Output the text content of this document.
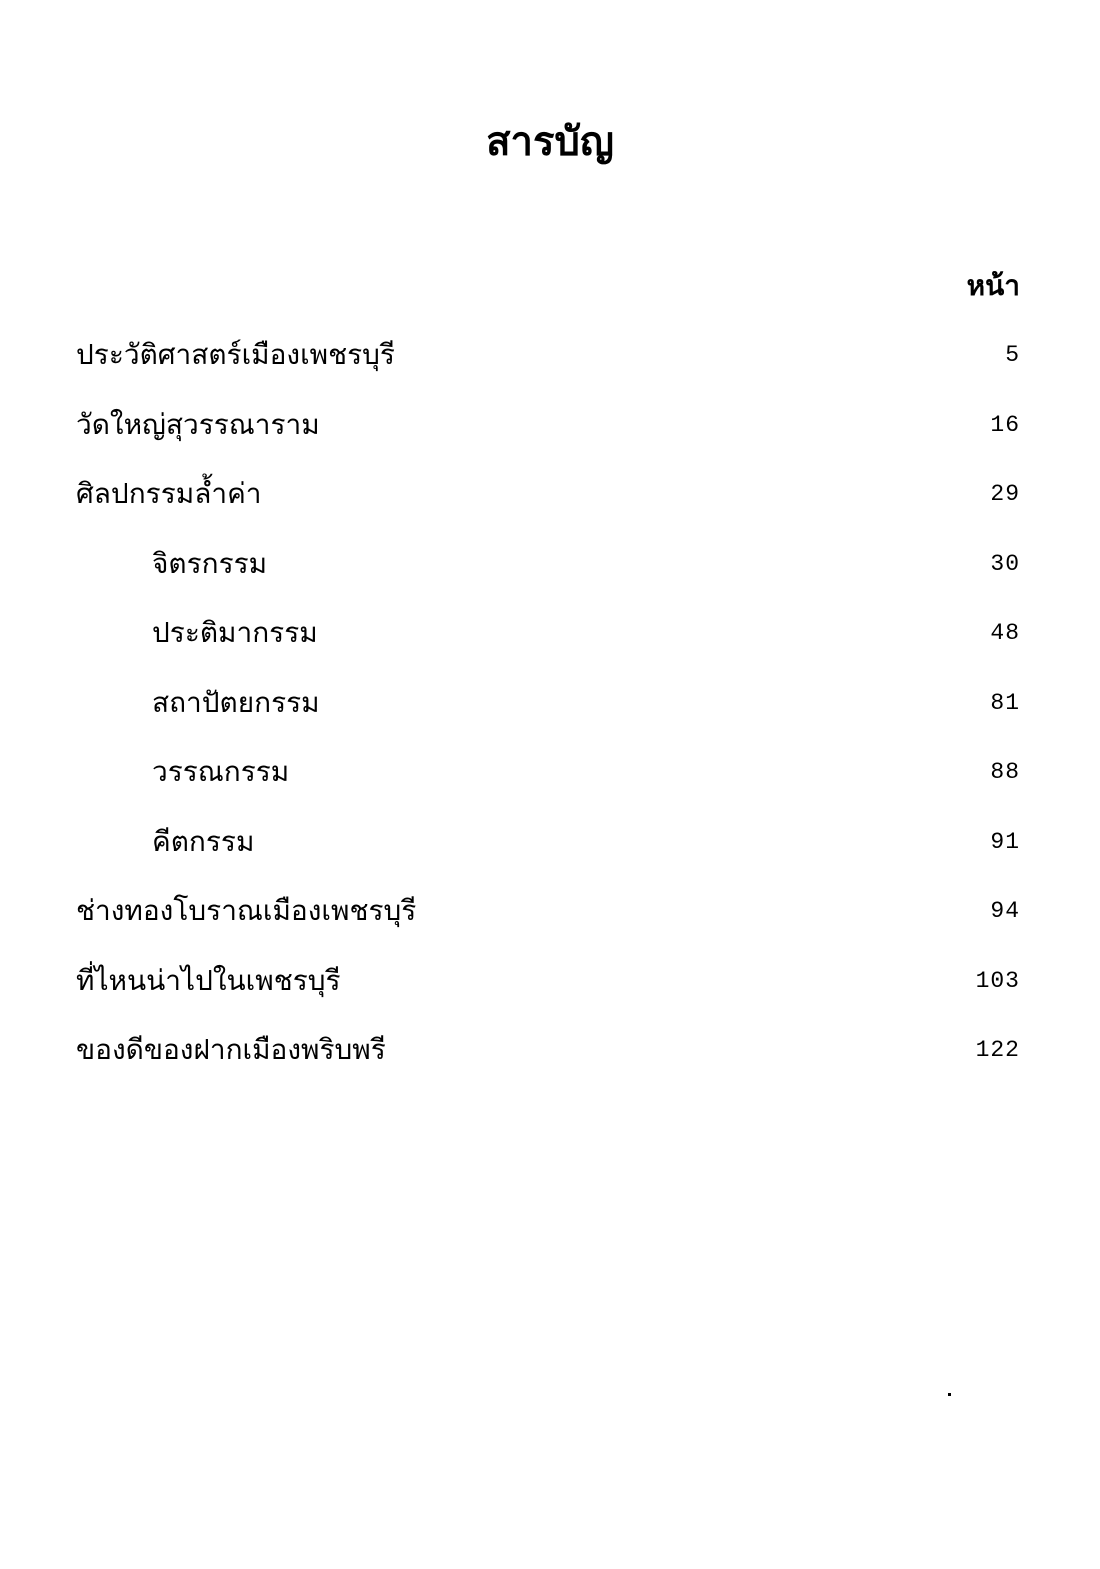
สารบัญ
หน้า
ประวัติศาสตร์เมืองเพชรบุรี	5
วัดใหญ่สุวรรณาราม	16
ศิลปกรรมล้ำค่า	29
จิตรกรรม	30
ประติมากรรม	48
สถาปัตยกรรม	81
วรรณกรรม	88
คีตกรรม	91
ช่างทองโบราณเมืองเพชรบุรี	94
ที่ไหนน่าไปในเพชรบุรี	103
ของดีของฝากเมืองพริบพรี	122
